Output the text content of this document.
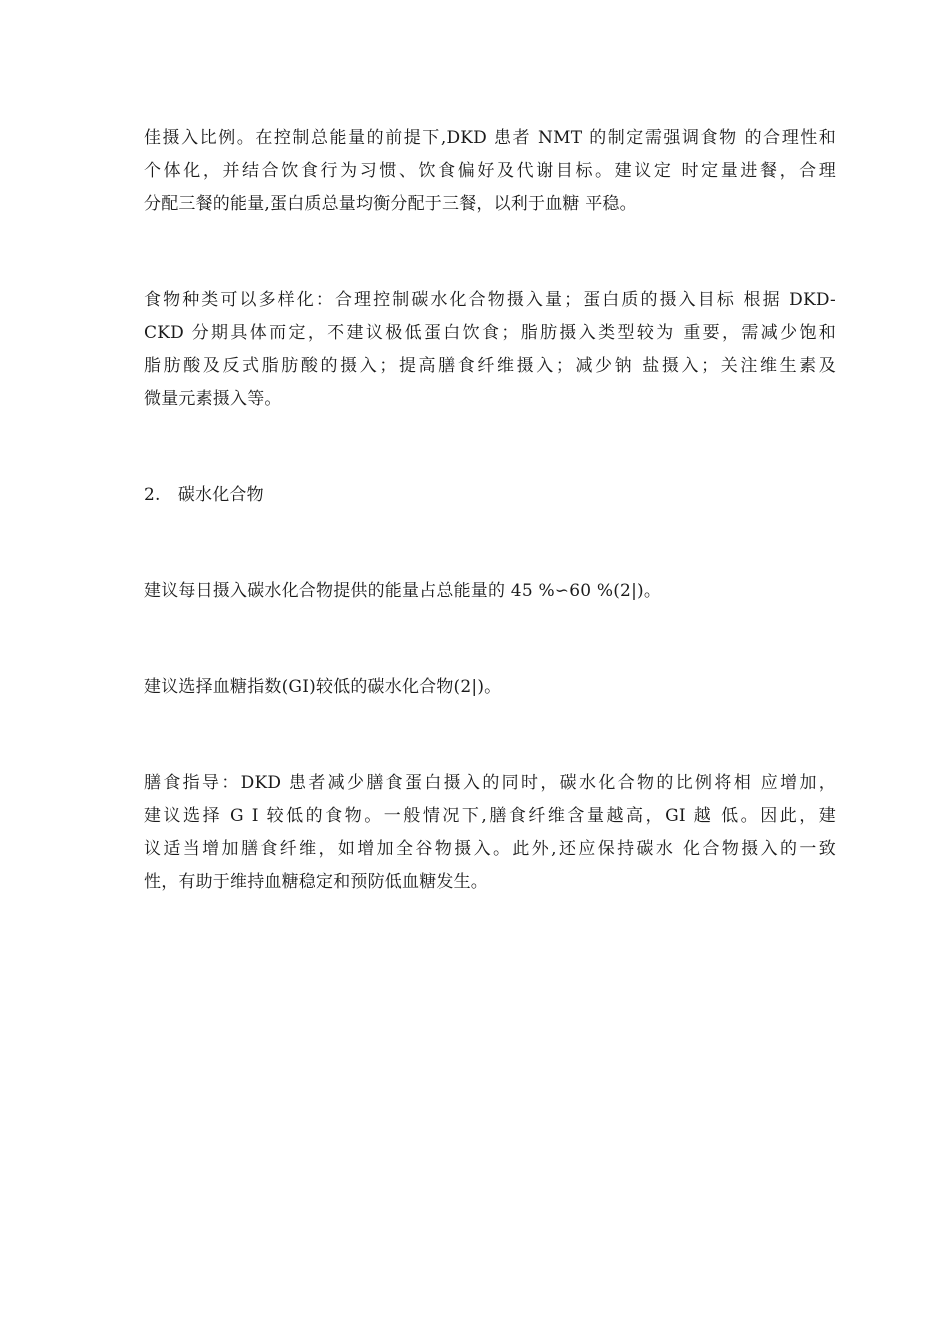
佳摄入比例。在控制总能量的前提下,DKD 患者 NMT 的制定需强调食物 的合理性和
个体化，并结合饮食行为习惯、饮食偏好及代谢目标。建议定 时定量进餐，合理
分配三餐的能量,蛋白质总量均衡分配于三餐，以利于血糖 平稳。
食物种类可以多样化：合理控制碳水化合物摄入量；蛋白质的摄入目标 根据 DKD-
CKD 分期具体而定，不建议极低蛋白饮食；脂肪摄入类型较为 重要，需减少饱和
脂肪酸及反式脂肪酸的摄入；提高膳食纤维摄入；减少钠 盐摄入；关注维生素及
微量元素摄入等。
2.　碳水化合物
建议每日摄入碳水化合物提供的能量占总能量的 45 %∽60 %(2|)。
建议选择血糖指数(GI)较低的碳水化合物(2|)。
膳食指导：DKD 患者减少膳食蛋白摄入的同时，碳水化合物的比例将相 应增加，
建议选择 G I 较低的食物。一般情况下,膳食纤维含量越高，GI 越 低。因此，建
议适当增加膳食纤维，如增加全谷物摄入。此外,还应保持碳水 化合物摄入的一致
性，有助于维持血糖稳定和预防低血糖发生。
